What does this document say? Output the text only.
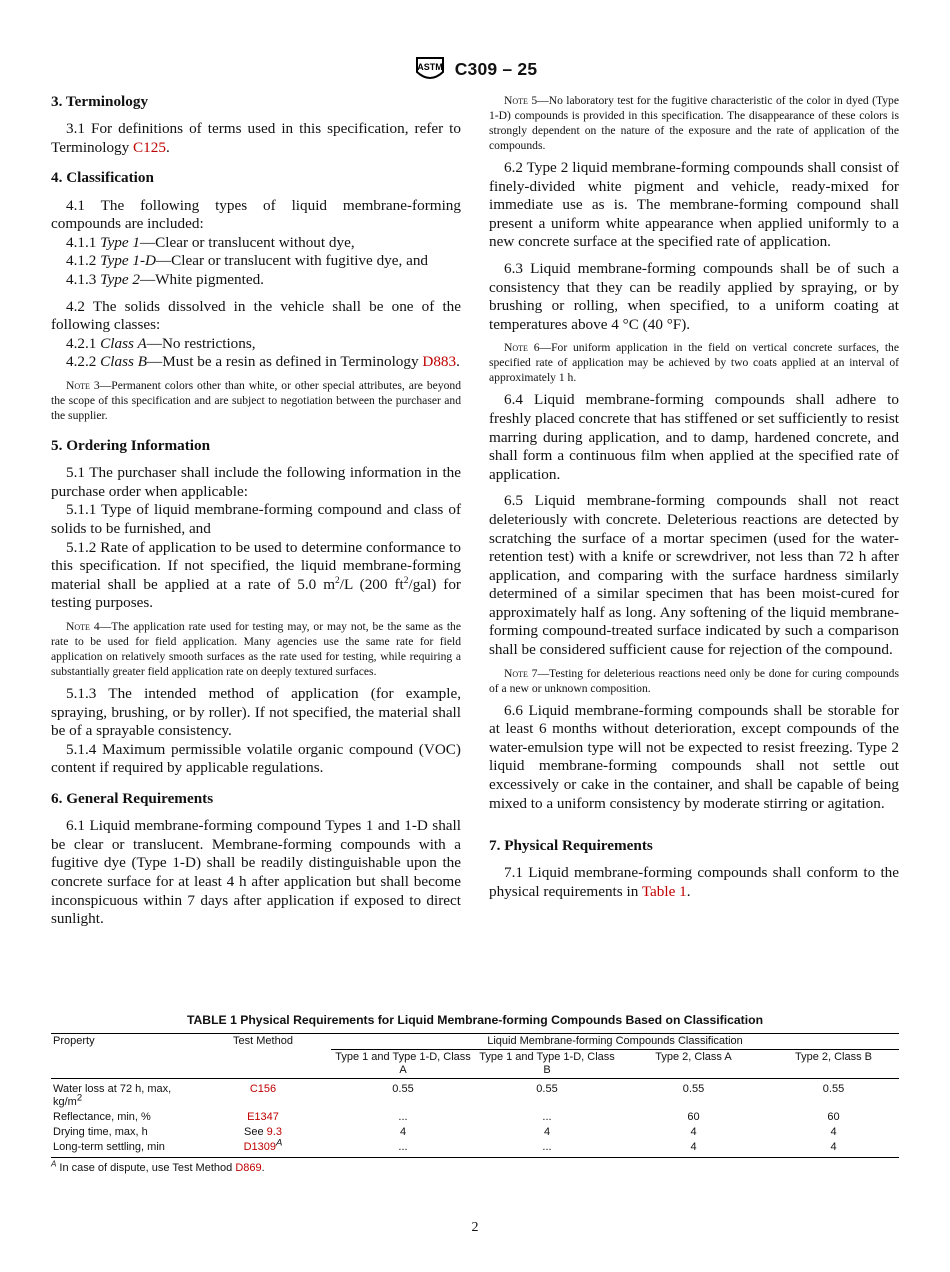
ASTM C309 – 25
3. Terminology

3.1 For definitions of terms used in this specification, refer to Terminology C125.

4. Classification

4.1 The following types of liquid membrane-forming compounds are included:

4.1.1 Type 1—Clear or translucent without dye,

4.1.2 Type 1-D—Clear or translucent with fugitive dye, and

4.1.3 Type 2—White pigmented.

4.2 The solids dissolved in the vehicle shall be one of the following classes:

4.2.1 Class A—No restrictions,

4.2.2 Class B—Must be a resin as defined in Terminology D883.

Note 3—Permanent colors other than white, or other special attributes, are beyond the scope of this specification and are subject to negotiation between the purchaser and the supplier.

5. Ordering Information

5.1 The purchaser shall include the following information in the purchase order when applicable:

5.1.1 Type of liquid membrane-forming compound and class of solids to be furnished, and

5.1.2 Rate of application to be used to determine conformance to this specification. If not specified, the liquid membrane-forming material shall be applied at a rate of 5.0 $m^2/L$ (200 $ft^2/gal$) for testing purposes.

Note 4—The application rate used for testing may, or may not, be the same as the rate to be used for field application. Many agencies use the same rate for field application on relatively smooth surfaces as the rate used for testing, while requiring a substantially greater field application rate on deeply textured surfaces.

5.1.3 The intended method of application (for example, spraying, brushing, or by roller). If not specified, the material shall be of a sprayable consistency.

5.1.4 Maximum permissible volatile organic compound (VOC) content if required by applicable regulations.

6. General Requirements

6.1 Liquid membrane-forming compound Types 1 and 1-D shall be clear or translucent. Membrane-forming compounds with a fugitive dye (Type 1-D) shall be readily distinguishable upon the concrete surface for at least 4 h after application but shall become inconspicuous within 7 days after application if exposed to direct sunlight.

Note 5—No laboratory test for the fugitive characteristic of the color in dyed (Type 1-D) compounds is provided in this specification. The disappearance of these colors is strongly dependent on the nature of the exposure and the rate of application of the compounds.

6.2 Type 2 liquid membrane-forming compounds shall consist of finely-divided white pigment and vehicle, ready-mixed for immediate use as is. The membrane-forming compound shall present a uniform white appearance when applied uniformly to a new concrete surface at the specified rate of application.

6.3 Liquid membrane-forming compounds shall be of such a consistency that they can be readily applied by spraying, or by brushing or rolling, when specified, to a uniform coating at temperatures above 4 °C (40 °F).

Note 6—For uniform application in the field on vertical concrete surfaces, the specified rate of application may be achieved by two coats applied at an interval of approximately 1 h.

6.4 Liquid membrane-forming compounds shall adhere to freshly placed concrete that has stiffened or set sufficiently to resist marring during application, and to damp, hardened concrete, and shall form a continuous film when applied at the specified rate of application.

6.5 Liquid membrane-forming compounds shall not react deleteriously with concrete. Deleterious reactions are detected by scratching the surface of a mortar specimen (used for the water-retention test) with a knife or screwdriver, not less than 72 h after application, and comparing with the surface hardness similarly determined of a similar specimen that has been moist-cured for approximately half as long. Any softening of the liquid membrane-forming compound-treated surface indicated by such a comparison shall be considered sufficient cause for rejection of the compound.

Note 7—Testing for deleterious reactions need only be done for curing compounds of a new or unknown composition.

6.6 Liquid membrane-forming compounds shall be storable for at least 6 months without deterioration, except compounds of the water-emulsion type will not be expected to resist freezing. Type 2 liquid membrane-forming compounds shall not settle out excessively or cake in the container, and shall be capable of being mixed to a uniform consistency by moderate stirring or agitation.

7. Physical Requirements

7.1 Liquid membrane-forming compounds shall conform to the physical requirements in Table 1.

TABLE 1 Physical Requirements for Liquid Membrane-forming Compounds Based on Classification
Property	Test Method	Liquid Membrane-forming Compounds Classification			
		Type 1 and Type 1-D, Class A	Type 1 and Type 1-D, Class B	Type 2, Class A	Type 2, Class B
Water loss at 72 h, max, $kg/m^2$	C156	0.55	0.55	0.55	0.55
Reflectance, min, %	E1347	...	...	60	60
Drying time, max, h	See 9.3	4	4	4	4
Long-term settling, min	$D1309^A$	...	...	4	4
$^A$ In case of dispute, use Test Method D869.
2
